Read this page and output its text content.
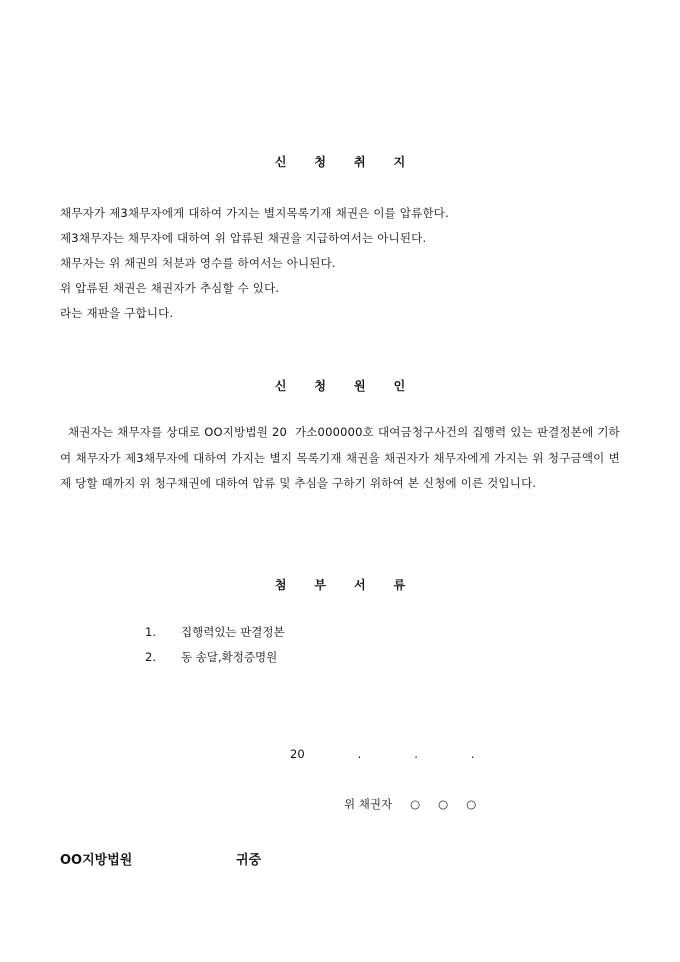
신 청 취 지
채무자가 제3채무자에게 대하여 가지는 별지목록기재 채권은 이를 압류한다.
제3채무자는 채무자에 대하여 위 압류된 채권을 지급하여서는 아니된다.
채무자는 위 채권의 처분과 영수를 하여서는 아니된다.
위 압류된 채권은 채권자가 추심할 수 있다.
라는 재판을 구합니다.
신 청 원 인
채권자는 채무자를 상대로 OO지방법원 20  가소000000호 대여금청구사건의 집행력 있는 판결정본에 기하여 채무자가 제3채무자에 대하여 가지는 별지 목록기재 채권을 채권자가 채무자에게 가지는 위 청구금액이 변제 당할 때까지 위 청구채권에 대하여 압류 및 추심을 구하기 위하여 본 신청에 이른 것입니다.
첨 부 서 류
1. 집행력있는 판결정본
2. 동 송달,확정증명원
20   .   .   .
위 채권자 ○ ○ ○
OO지방법원	귀중
